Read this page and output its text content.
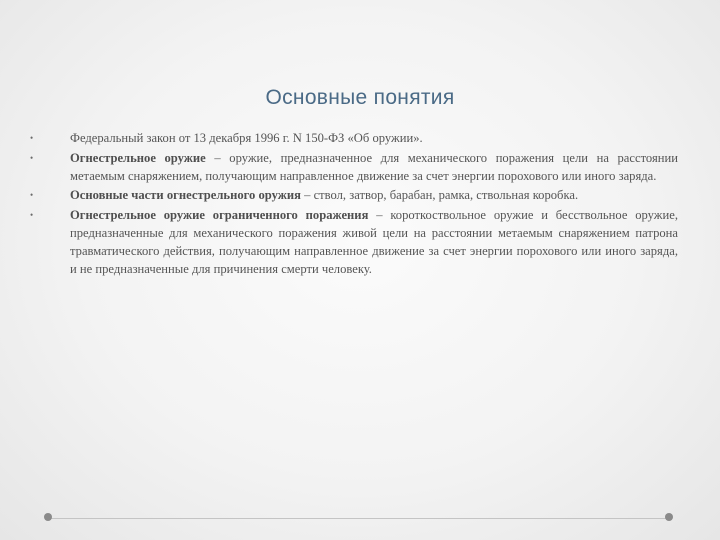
Основные понятия
•	Федеральный закон от 13 декабря 1996 г. N 150-ФЗ «Об оружии».
•	Огнестрельное оружие – оружие, предназначенное для механического поражения цели на расстоянии метаемым снаряжением, получающим направленное движение за счет энергии порохового или иного заряда.
•	Основные части огнестрельного оружия – ствол, затвор, барабан, рамка, ствольная коробка.
•	Огнестрельное оружие ограниченного поражения – короткоствольное оружие и бесствольное оружие, предназначенные для механического поражения живой цели на расстоянии метаемым снаряжением патрона травматического действия, получающим направленное движение за счет энергии порохового или иного заряда, и не предназначенные для причинения смерти человеку.
